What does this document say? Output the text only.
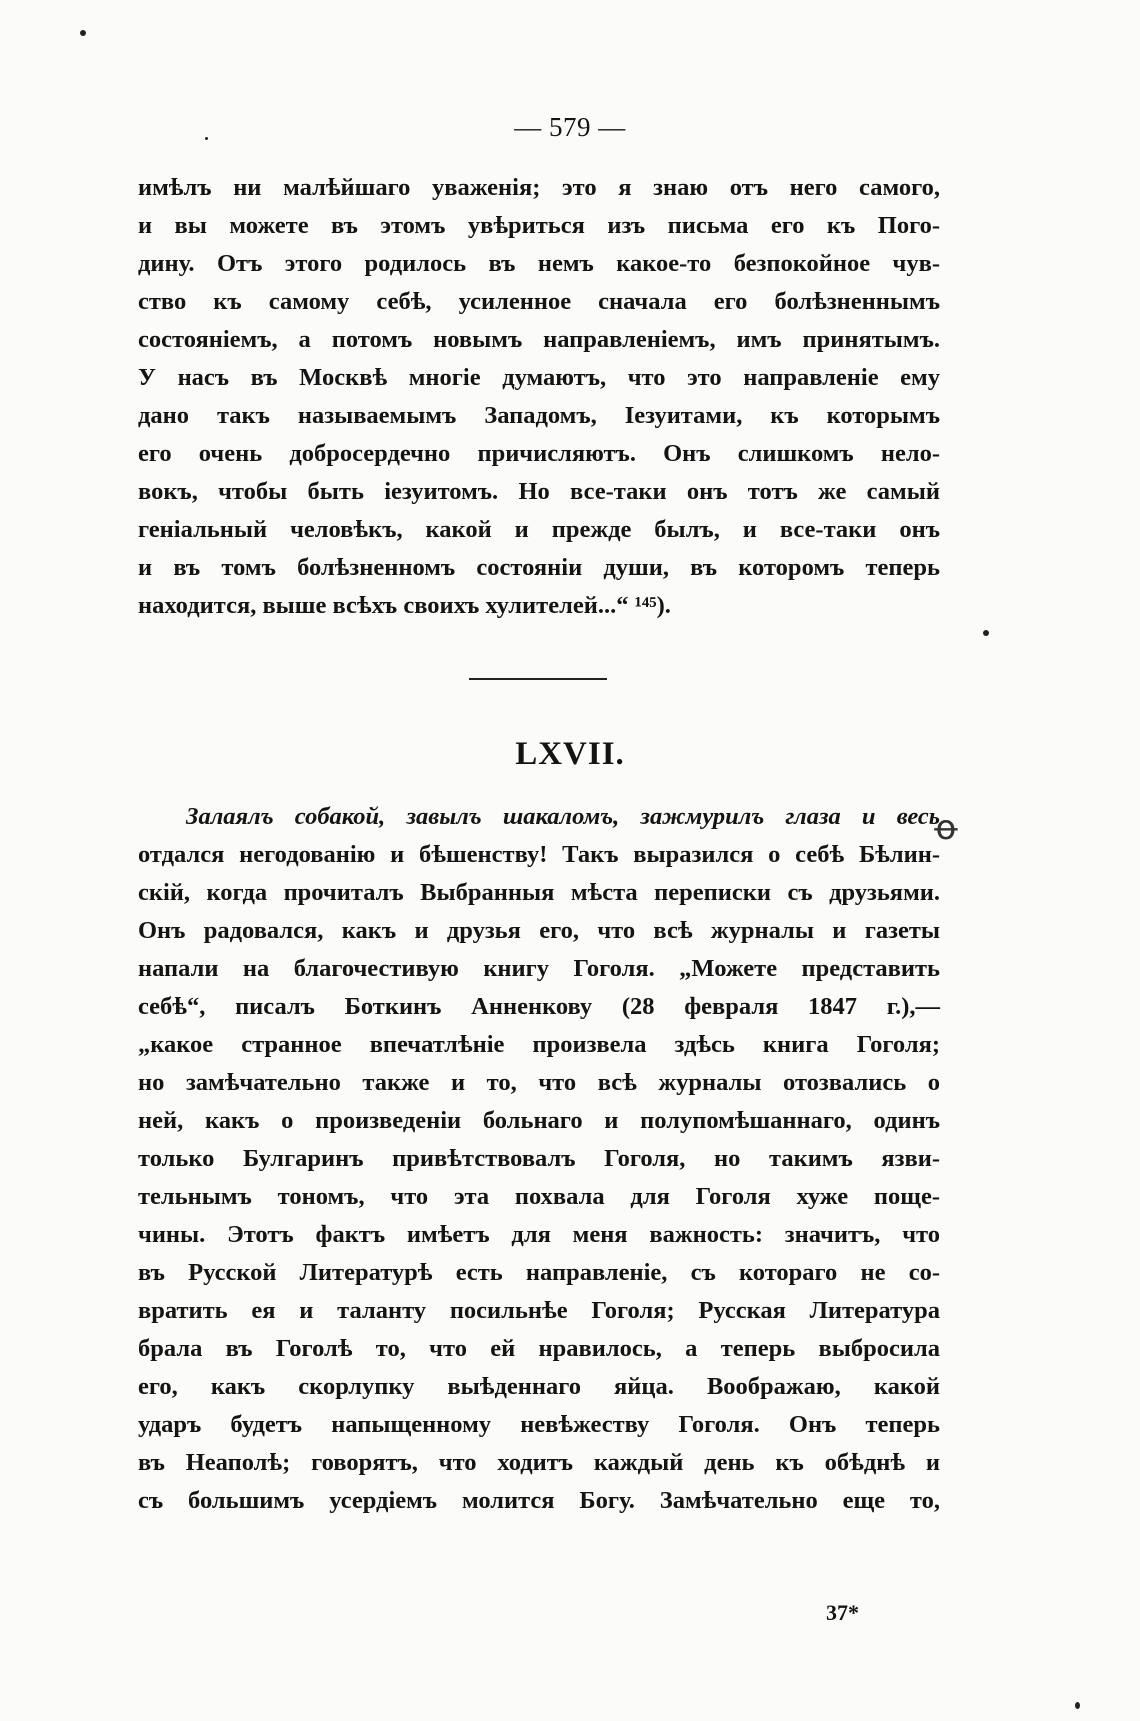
— 579 —
имѣлъ ни малѣйшаго уваженія; это я знаю отъ него самого,
и вы можете въ этомъ увѣриться изъ письма его къ Пого-
дину. Отъ этого родилось въ немъ какое-то безпокойное чув-
ство къ самому себѣ, усиленное сначала его болѣзненнымъ
состояніемъ, а потомъ новымъ направленіемъ, имъ принятымъ.
У насъ въ Москвѣ многіе думаютъ, что это направленіе ему
дано такъ называемымъ Западомъ, Іезуитами, къ которымъ
его очень добросердечно причисляютъ. Онъ слишкомъ нело-
вокъ, чтобы быть іезуитомъ. Но все-таки онъ тотъ же самый
геніальный человѣкъ, какой и прежде былъ, и все-таки онъ
и въ томъ болѣзненномъ состояніи души, въ которомъ теперь
находится, выше всѣхъ своихъ хулителей...“ ¹⁴⁵).
LXVII.
Залаялъ собакой, завылъ шакаломъ, зажмурилъ глаза и весь
отдался негодованію и бѣшенству! Такъ выразился о себѣ Бѣлин-
скій, когда прочиталъ Выбранныя мѣста переписки съ друзьями.
Онъ радовался, какъ и друзья его, что всѣ журналы и газеты
напали на благочестивую книгу Гоголя. „Можете представить
себѣ“, писалъ Боткинъ Анненкову (28 февраля 1847 г.),—
„какое странное впечатлѣніе произвела здѣсь книга Гоголя;
но замѣчательно также и то, что всѣ журналы отозвались о
ней, какъ о произведеніи больнаго и полупомѣшаннаго, одинъ
только Булгаринъ привѣтствовалъ Гоголя, но такимъ язви-
тельнымъ тономъ, что эта похвала для Гоголя хуже поще-
чины. Этотъ фактъ имѣетъ для меня важность: значитъ, что
въ Русской Литературѣ есть направленіе, съ котораго не со-
вратить ея и таланту посильнѣе Гоголя; Русская Литература
брала въ Гоголѣ то, что ей нравилось, а теперь выбросила
его, какъ скорлупку выѣденнаго яйца. Воображаю, какой
ударъ будетъ напыщенному невѣжеству Гоголя. Онъ теперь
въ Неаполѣ; говорятъ, что ходитъ каждый день къ обѣднѣ и
съ большимъ усердіемъ молится Богу. Замѣчательно еще то,
37*
ꝋ
